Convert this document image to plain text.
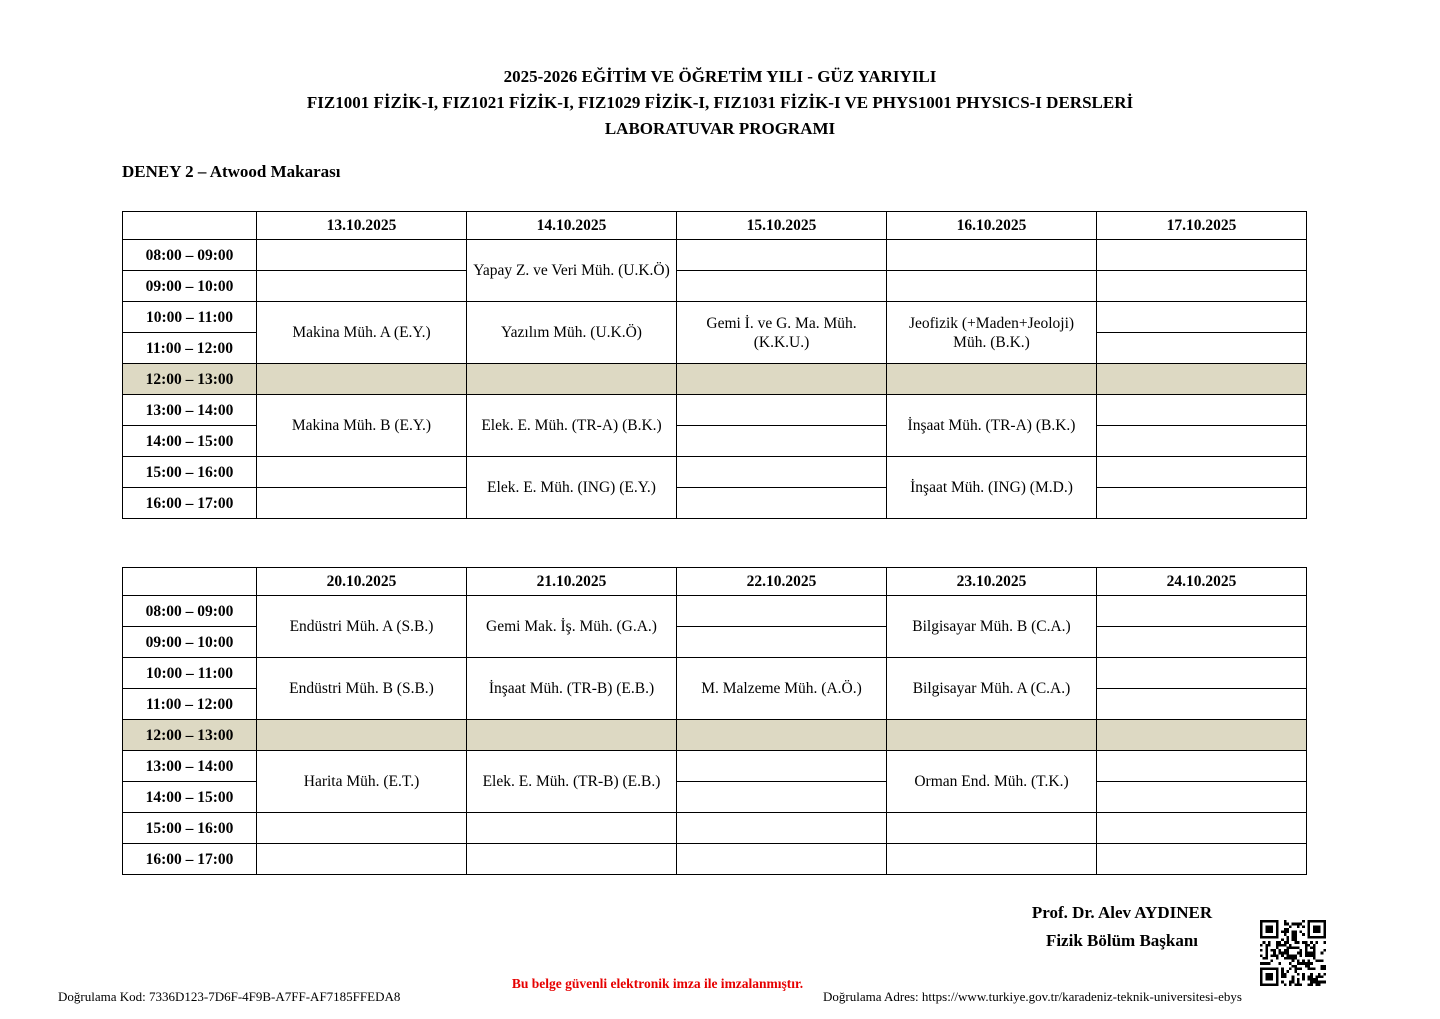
2025-2026 EĞİTİM VE ÖĞRETİM YILI - GÜZ YARIYILI
FIZ1001 FİZİK-I, FIZ1021 FİZİK-I, FIZ1029 FİZİK-I, FIZ1031 FİZİK-I VE PHYS1001 PHYSICS-I DERSLERİ
LABORATUVAR PROGRAMI
DENEY 2 – Atwood Makarası
	13.10.2025	14.10.2025	15.10.2025	16.10.2025	17.10.2025
08:00 – 09:00		Yapay Z. ve Veri Müh. (U.K.Ö)			
09:00 – 10:00					
10:00 – 11:00	Makina Müh. A (E.Y.)	Yazılım Müh. (U.K.Ö)	Gemi İ. ve G. Ma. Müh. (K.K.U.)	Jeofizik (+Maden+Jeoloji) Müh. (B.K.)	
11:00 – 12:00					
12:00 – 13:00					
13:00 – 14:00	Makina Müh. B (E.Y.)	Elek. E. Müh. (TR-A) (B.K.)		İnşaat Müh. (TR-A) (B.K.)	
14:00 – 15:00					
15:00 – 16:00		Elek. E. Müh. (ING) (E.Y.)		İnşaat Müh. (ING) (M.D.)	
16:00 – 17:00					
	20.10.2025	21.10.2025	22.10.2025	23.10.2025	24.10.2025
08:00 – 09:00	Endüstri Müh. A (S.B.)	Gemi Mak. İş. Müh. (G.A.)		Bilgisayar Müh. B (C.A.)	
09:00 – 10:00					
10:00 – 11:00	Endüstri Müh. B (S.B.)	İnşaat Müh. (TR-B) (E.B.)	M. Malzeme Müh. (A.Ö.)	Bilgisayar Müh. A (C.A.)	
11:00 – 12:00					
12:00 – 13:00					
13:00 – 14:00	Harita Müh. (E.T.)	Elek. E. Müh. (TR-B) (E.B.)		Orman End. Müh. (T.K.)	
14:00 – 15:00					
15:00 – 16:00					
16:00 – 17:00					
Prof. Dr. Alev AYDINER
Fizik Bölüm Başkanı
Bu belge güvenli elektronik imza ile imzalanmıştır.
Doğrulama Kod: 7336D123-7D6F-4F9B-A7FF-AF7185FFEDA8	Doğrulama Adres: https://www.turkiye.gov.tr/karadeniz-teknik-universitesi-ebys
